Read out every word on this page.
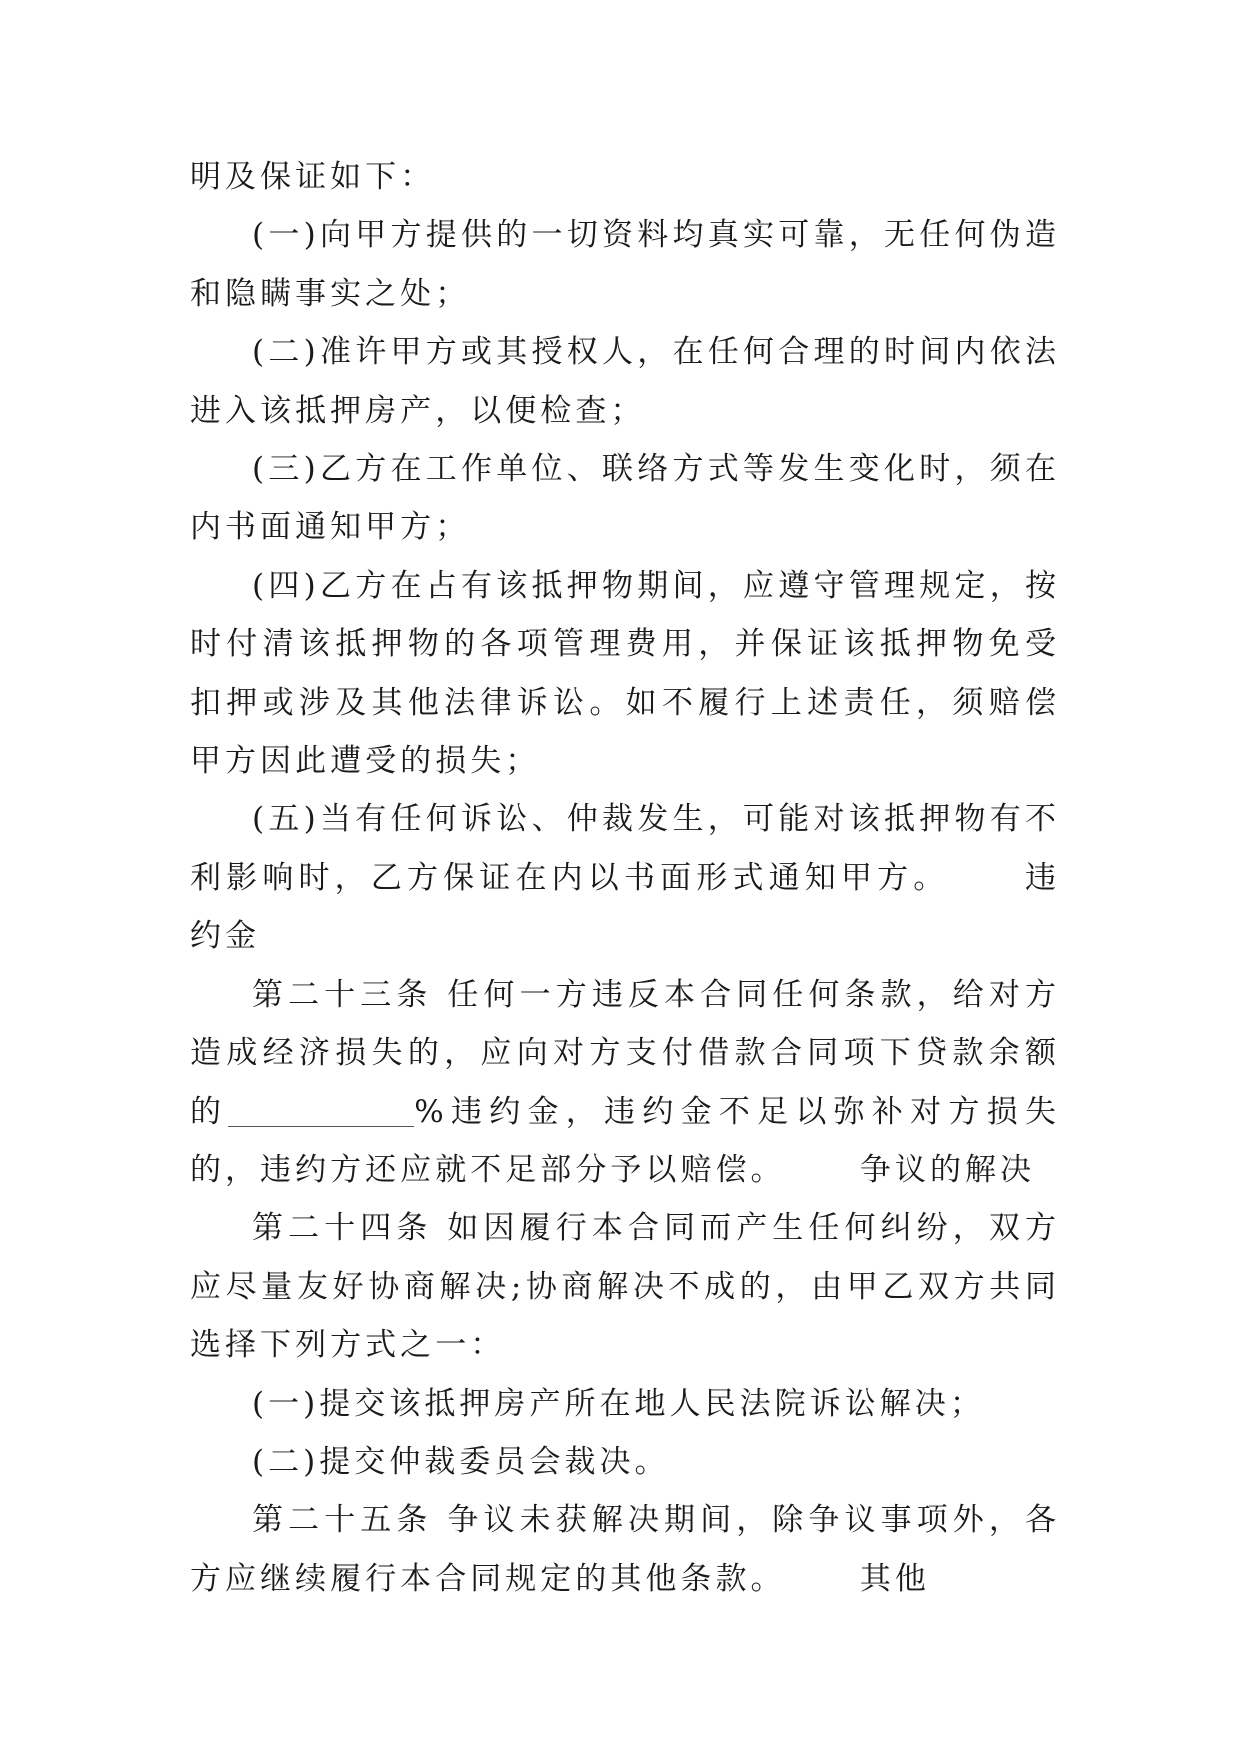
明及保证如下：

(一)向甲方提供的一切资料均真实可靠，无任何伪造和隐瞒事实之处；

(二)准许甲方或其授权人，在任何合理的时间内依法进入该抵押房产，以便检查；

(三)乙方在工作单位、联络方式等发生变化时，须在内书面通知甲方；

(四)乙方在占有该抵押物期间，应遵守管理规定，按时付清该抵押物的各项管理费用，并保证该抵押物免受扣押或涉及其他法律诉讼。如不履行上述责任，须赔偿甲方因此遭受的损失；

(五)当有任何诉讼、仲裁发生，可能对该抵押物有不利影响时，乙方保证在内以书面形式通知甲方。 违约金

第二十三条 任何一方违反本合同任何条款，给对方造成经济损失的，应向对方支付借款合同项下贷款余额的	%违约金，违约金不足以弥补对方损失的，违约方还应就不足部分予以赔偿。 争议的解决

第二十四条 如因履行本合同而产生任何纠纷，双方应尽量友好协商解决;协商解决不成的，由甲乙双方共同选择下列方式之一：

(一)提交该抵押房产所在地人民法院诉讼解决；

(二)提交仲裁委员会裁决。

第二十五条 争议未获解决期间，除争议事项外，各方应继续履行本合同规定的其他条款。 其他
